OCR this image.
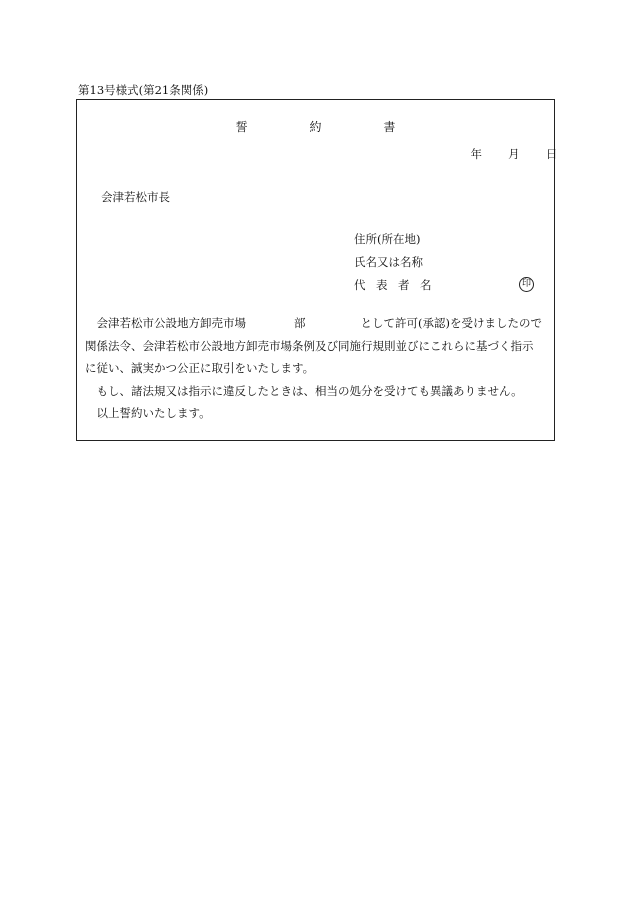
第13号様式(第21条関係)
誓	約	書
年 月 日
会津若松市長
住所(所在地)
氏名又は名称
代 表 者 名	印

　会津若松市公設地方卸売市場	部	として許可(承認)を受けましたので

関係法令、会津若松市公設地方卸売市場条例及び同施行規則並びにこれらに基づく指示

に従い、誠実かつ公正に取引をいたします。

　もし、諸法規又は指示に違反したときは、相当の処分を受けても異議ありません。

　以上誓約いたします。
